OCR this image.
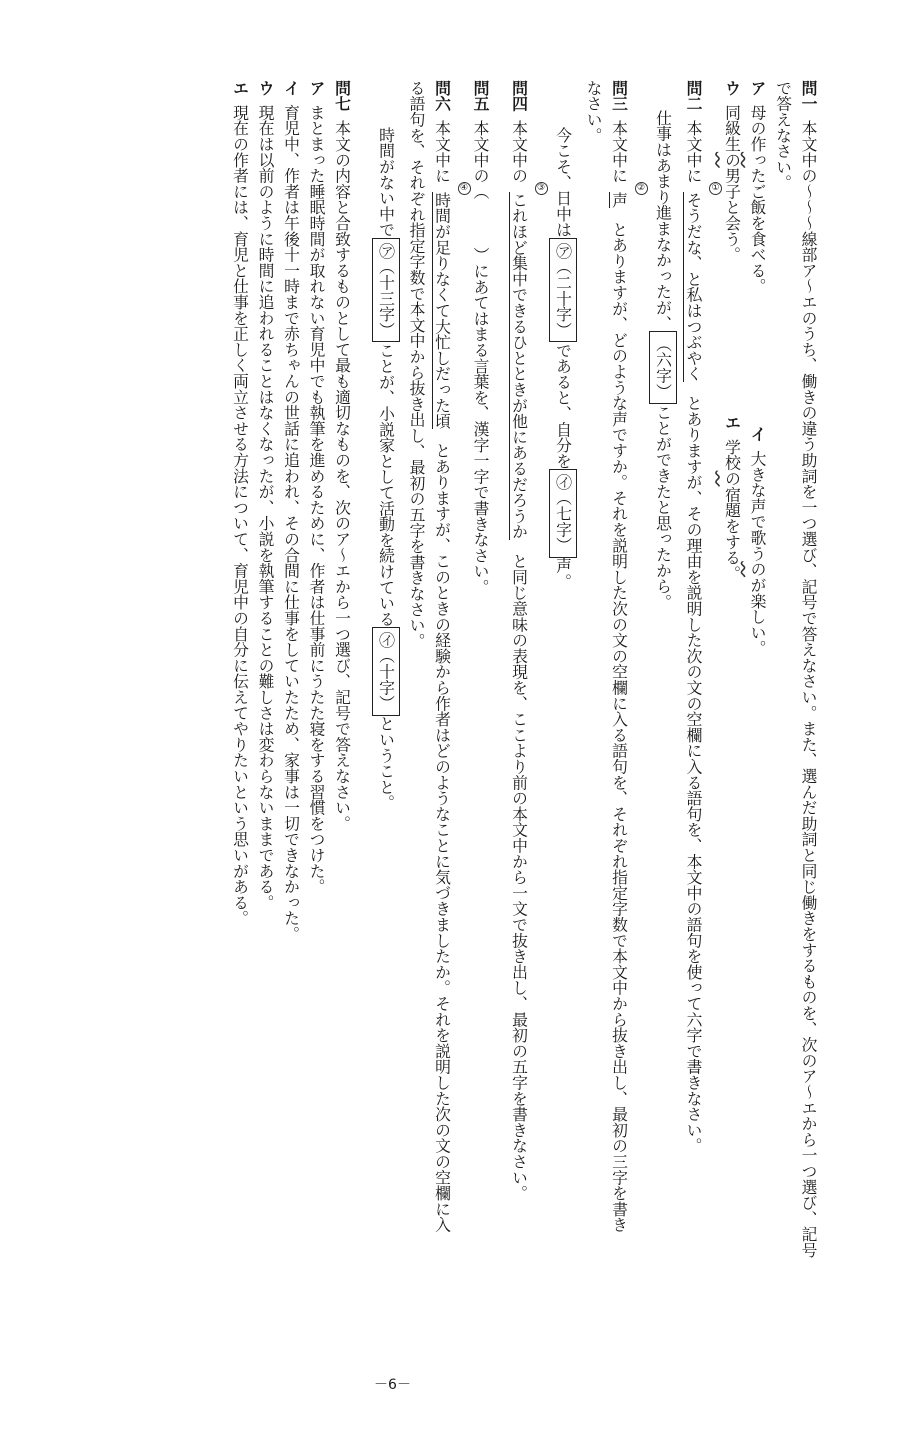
問一本文中の～～～線部ア～エのうち、働きの違う助詞を一つ選び、記号で答えなさい。また、選んだ助詞と同じ働きをするものを、次のア～エから一つ選び、記号
で答えなさい。
ア母の作ったご飯を食べる。イ大きな声で歌うのが楽しい。
ウ同級生の男子と会う。エ学校の宿題をする。
問二本文中に
①
そうだな、と私はつぶやくとありますが、その理由を説明した次の文の空欄に入る語句を、本文中の語句を使って六字で書きなさい。
仕事はあまり進まなかったが、（六字）ことができたと思ったから。
問三本文中に
②
声とありますが、どのような声ですか。それを説明した次の文の空欄に入る語句を、それぞれ指定字数で本文中から抜き出し、最初の三字を書き
なさい。
今こそ、日中は㋐（二十字）であると、自分を㋑（七字）声。
問四本文中の
③
これほど集中できるひとときが他にあるだろうかと同じ意味の表現を、ここより前の本文中から一文で抜き出し、最初の五字を書きなさい。
問五本文中の（）にあてはまる言葉を、漢字一字で書きなさい。
問六本文中に
④
時間が足りなくて大忙しだった頃とありますが、このときの経験から作者はどのようなことに気づきましたか。それを説明した次の文の空欄に入
る語句を、それぞれ指定字数で本文中から抜き出し、最初の五字を書きなさい。
時間がない中で㋐（十三字）ことが、小説家として活動を続けている㋑（十字）ということ。
問七本文の内容と合致するものとして最も適切なものを、次のア～エから一つ選び、記号で答えなさい。
アまとまった睡眠時間が取れない育児中でも執筆を進めるために、作者は仕事前にうたた寝をする習慣をつけた。
イ育児中、作者は午後十一時まで赤ちゃんの世話に追われ、その合間に仕事をしていたため、家事は一切できなかった。
ウ現在は以前のように時間に追われることはなくなったが、小説を執筆することの難しさは変わらないままである。
エ現在の作者には、育児と仕事を正しく両立させる方法について、育児中の自分に伝えてやりたいという思いがある。
－6－
